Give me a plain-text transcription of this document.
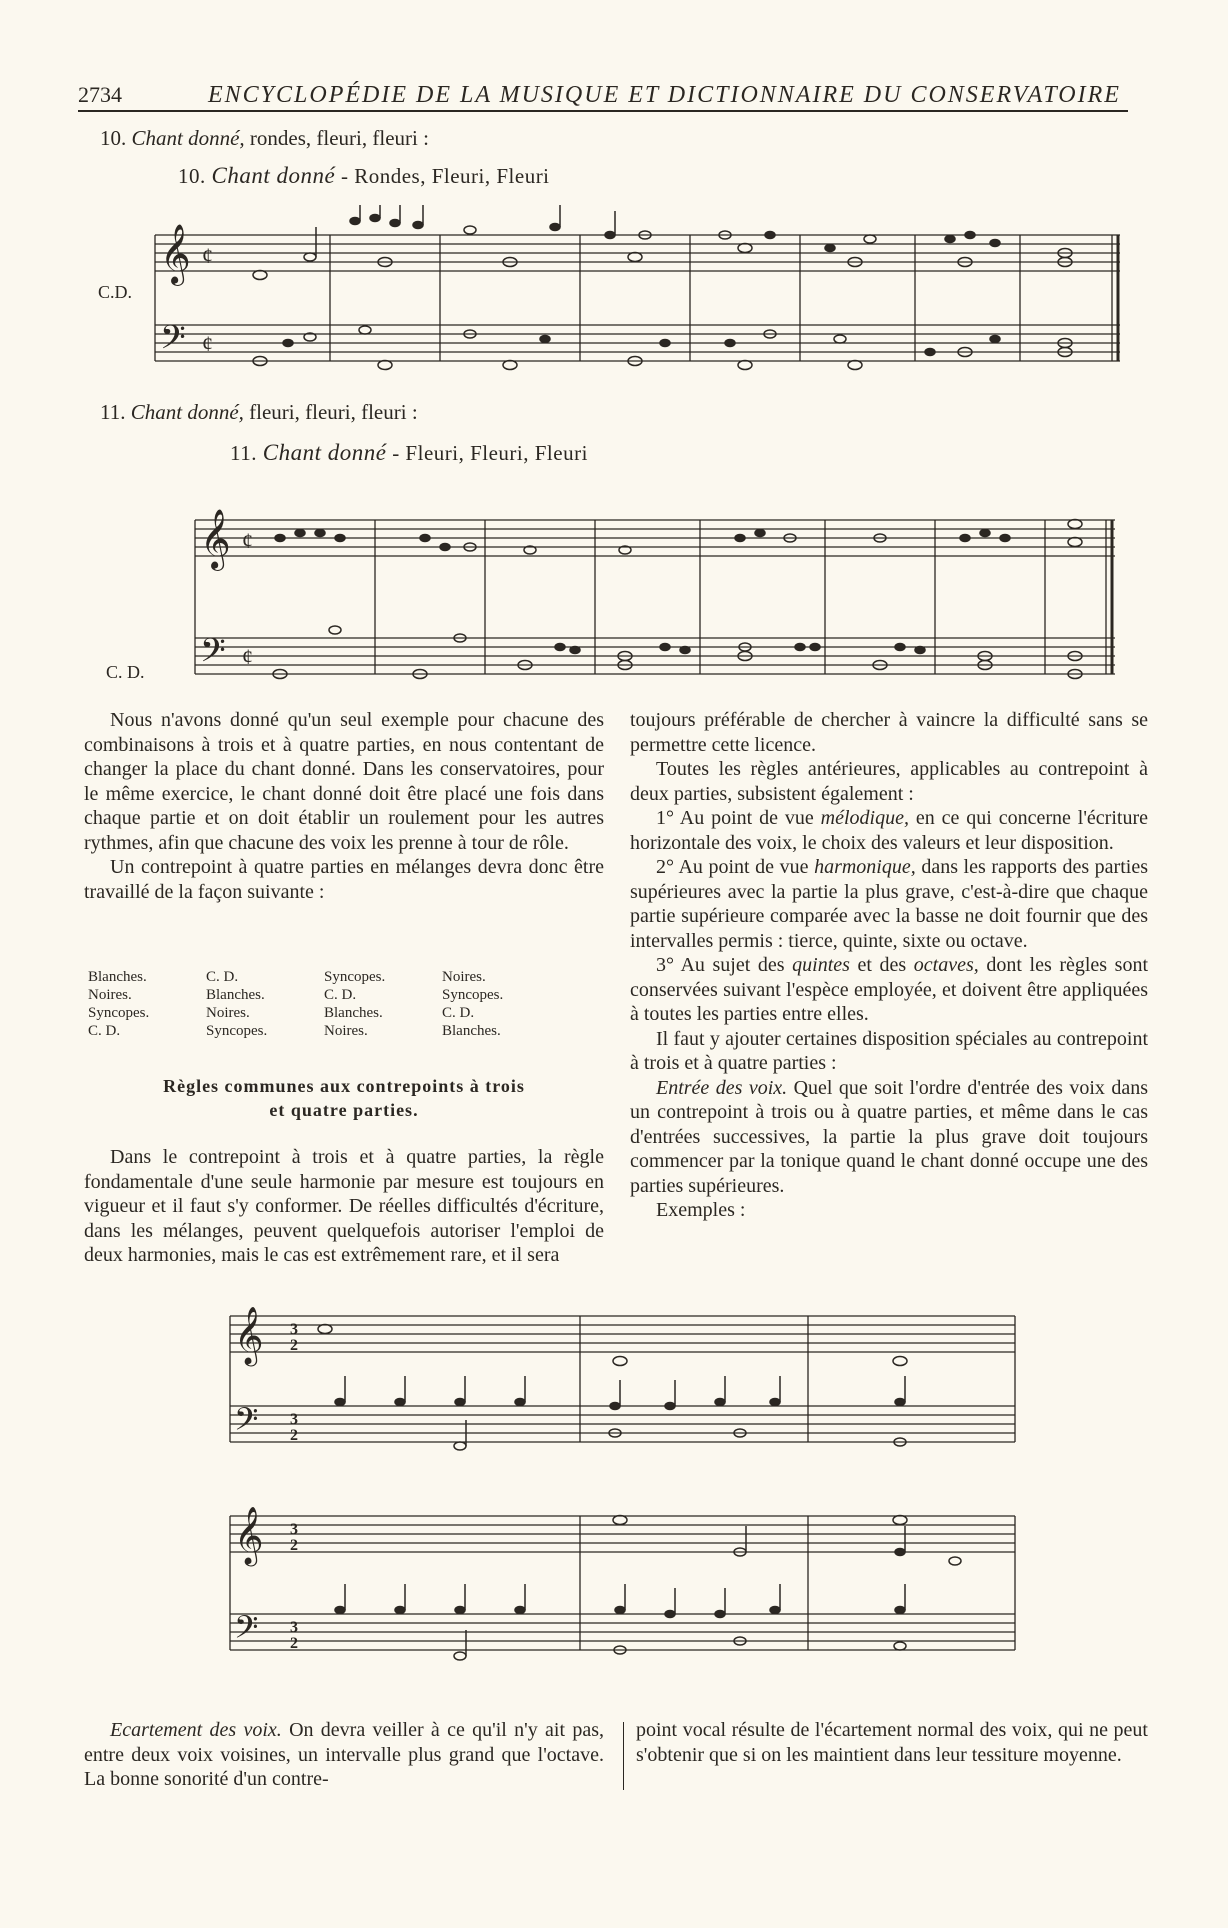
2734	ENCYCLOPÉDIE DE LA MUSIQUE ET DICTIONNAIRE DU CONSERVATOIRE
10. Chant donné, rondes, fleuri, fleuri :
10. Chant donné - Rondes, Fleuri, Fleuri
C.D.
𝄞
𝄢
¢
¢
11. Chant donné, fleuri, fleuri, fleuri :
11. Chant donné - Fleuri, Fleuri, Fleuri
C. D.
𝄞
𝄢
¢
¢

Nous n'avons donné qu'un seul exemple pour chacune des combinaisons à trois et à quatre parties, en nous contentant de changer la place du chant donné. Dans les conservatoires, pour le même exercice, le chant donné doit être placé une fois dans chaque partie et on doit établir un roulement pour les autres rythmes, afin que chacune des voix les prenne à tour de rôle.

Un contrepoint à quatre parties en mélanges devra donc être travaillé de la façon suivante :

Blanches.	C. D.	Syncopes.	Noires.
Noires.	Blanches.	C. D.	Syncopes.
Syncopes.	Noires.	Blanches.	C. D.
C. D.	Syncopes.	Noires.	Blanches.
Règles communes aux contrepoints à trois
et quatre parties.

Dans le contrepoint à trois et à quatre parties, la règle fondamentale d'une seule harmonie par mesure est toujours en vigueur et il faut s'y conformer. De réelles difficultés d'écriture, dans les mélanges, peuvent quelquefois autoriser l'emploi de deux harmonies, mais le cas est extrêmement rare, et il sera

toujours préférable de chercher à vaincre la difficulté sans se permettre cette licence.

Toutes les règles antérieures, applicables au contrepoint à deux parties, subsistent également :

1° Au point de vue mélodique, en ce qui concerne l'écriture horizontale des voix, le choix des valeurs et leur disposition.

2° Au point de vue harmonique, dans les rapports des parties supérieures avec la partie la plus grave, c'est-à-dire que chaque partie supérieure comparée avec la basse ne doit fournir que des intervalles permis : tierce, quinte, sixte ou octave.

3° Au sujet des quintes et des octaves, dont les règles sont conservées suivant l'espèce employée, et doivent être appliquées à toutes les parties entre elles.

Il faut y ajouter certaines disposition spéciales au contrepoint à trois et à quatre parties :

Entrée des voix. Quel que soit l'ordre d'entrée des voix dans un contrepoint à trois ou à quatre parties, et même dans le cas d'entrées successives, la partie la plus grave doit toujours commencer par la tonique quand le chant donné occupe une des parties supérieures.

Exemples :

𝄞
𝄢
3
2
3
2
𝄞
𝄢
3
2
3
2

Ecartement des voix. On devra veiller à ce qu'il n'y ait pas, entre deux voix voisines, un intervalle plus grand que l'octave. La bonne sonorité d'un contre-

point vocal résulte de l'écartement normal des voix, qui ne peut s'obtenir que si on les maintient dans leur tessiture moyenne.
